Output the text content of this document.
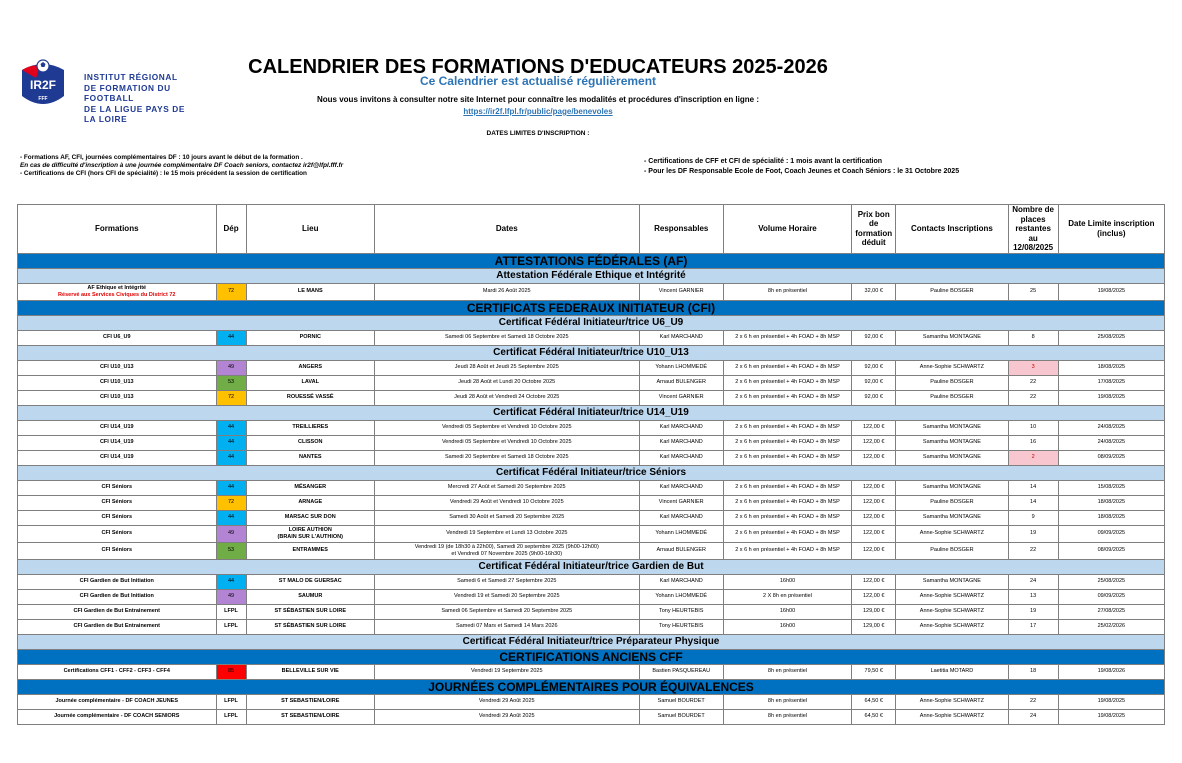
IR2F
FFF
INSTITUT RÉGIONAL
DE FORMATION DU FOOTBALL
DE LA LIGUE PAYS DE LA LOIRE
CALENDRIER DES FORMATIONS D'EDUCATEURS 2025-2026
Ce Calendrier est actualisé régulièrement
Nous vous invitons à consulter notre site Internet pour connaître les modalités et procédures d'inscription en ligne :
https://ir2f.lfpl.fr/public/page/benevoles
DATES LIMITES D'INSCRIPTION :
- Formations AF, CFI, journées complémentaires DF : 10 jours avant le début de la formation .
En cas de difficulté d'inscription à une journée complémentaire DF Coach seniors, contactez ir2f@lfpl.fff.fr
- Certifications de CFI (hors CFI de spécialité) : le 15 mois précédent la session de certification
- Certifications de CFF et CFI de spécialité : 1 mois avant la certification
- Pour les DF Responsable Ecole de Foot, Coach Jeunes et Coach Séniors : le 31 Octobre 2025
Formations	Dép	Lieu	Dates	Responsables	Volume Horaire	Prix bon de formation déduit	Contacts Inscriptions	Nombre de places restantes au 12/08/2025	Date Limite inscription (inclus)
ATTESTATIONS FÉDÉRALES (AF)									
Attestation Fédérale Ethique et Intégrité									

AF Ethique et Intégrité
Réservé aux Services Civiques du District 72	72	LE MANS	Mardi 26 Août 2025	Vincent GARNIER	8h en présentiel	32,00 €	Pauline BOSGER	25	19/08/2025

CERTIFICATS FEDERAUX INITIATEUR (CFI)									
Certificat Fédéral Initiateur/trice U6_U9									

CFI U6_U9	44	PORNIC	Samedi 06 Septembre et Samedi 18 Octobre 2025	Karl MARCHAND	2 x 6 h en présentiel + 4h FOAD + 8h MSP	92,00 €	Samantha MONTAGNE	8	25/08/2025

Certificat Fédéral Initiateur/trice U10_U13									

CFI U10_U13	49	ANGERS	Jeudi 28 Août et Jeudi 25 Septembre 2025	Yohann LHOMMEDÉ	2 x 6 h en présentiel + 4h FOAD + 8h MSP	92,00 €	Anne-Sophie SCHWARTZ	3	18/08/2025

CFI U10_U13	53	LAVAL	Jeudi 28 Août et Lundi 20 Octobre 2025	Arnaud BULENGER	2 x 6 h en présentiel + 4h FOAD + 8h MSP	92,00 €	Pauline BOSGER	22	17/08/2025

CFI U10_U13	72	ROUESSÉ VASSÉ	Jeudi 28 Août et Vendredi 24 Octobre 2025	Vincent GARNIER	2 x 6 h en présentiel + 4h FOAD + 8h MSP	92,00 €	Pauline BOSGER	22	19/08/2025

Certificat Fédéral Initiateur/trice U14_U19									

CFI U14_U19	44	TREILLIERES	Vendredi 05 Septembre et Vendredi 10 Octobre 2025	Karl MARCHAND	2 x 6 h en présentiel + 4h FOAD + 8h MSP	122,00 €	Samantha MONTAGNE	10	24/08/2025

CFI U14_U19	44	CLISSON	Vendredi 05 Septembre et Vendredi 10 Octobre 2025	Karl MARCHAND	2 x 6 h en présentiel + 4h FOAD + 8h MSP	122,00 €	Samantha MONTAGNE	16	24/08/2025

CFI U14_U19	44	NANTES	Samedi 20 Septembre et Samedi 18 Octobre 2025	Karl MARCHAND	2 x 6 h en présentiel + 4h FOAD + 8h MSP	122,00 €	Samantha MONTAGNE	2	08/09/2025

Certificat Fédéral Initiateur/trice Séniors									

CFI Séniors	44	MÉSANGER	Mercredi 27 Août et Samedi 20 Septembre 2025	Karl MARCHAND	2 x 6 h en présentiel + 4h FOAD + 8h MSP	122,00 €	Samantha MONTAGNE	14	15/08/2025

CFI Séniors	72	ARNAGE	Vendredi 29 Août et Vendredi 10 Octobre 2025	Vincent GARNIER	2 x 6 h en présentiel + 4h FOAD + 8h MSP	122,00 €	Pauline BOSGER	14	18/08/2025

CFI Séniors	44	MARSAC SUR DON	Samedi 30 Août et Samedi 20 Septembre 2025	Karl MARCHAND	2 x 6 h en présentiel + 4h FOAD + 8h MSP	122,00 €	Samantha MONTAGNE	9	18/08/2025

CFI Séniors	49	LOIRE AUTHION
(BRAIN SUR L'AUTHION)	Vendredi 19 Septembre et Lundi 13 Octobre 2025	Yohann LHOMMEDÉ	2 x 6 h en présentiel + 4h FOAD + 8h MSP	122,00 €	Anne-Sophie SCHWARTZ	19	09/09/2025

CFI Séniors	53	ENTRAMMES	Vendredi 19 (de 18h30 à 22h00), Samedi 20 septembre 2025 (9h00-12h00)
et Vendredi 07 Novembre 2025 (9h00-16h30)	Arnaud BULENGER	2 x 6 h en présentiel + 4h FOAD + 8h MSP	122,00 €	Pauline BOSGER	22	08/09/2025

Certificat Fédéral Initiateur/trice Gardien de But									

CFI Gardien de But Initiation	44	ST MALO DE GUERSAC	Samedi 6 et Samedi 27 Septembre 2025	Karl MARCHAND	16h00	122,00 €	Samantha MONTAGNE	24	25/08/2025

CFI Gardien de But Initiation	49	SAUMUR	Vendredi 19 et Samedi 20 Septembre 2025	Yohann LHOMMEDÉ	2 X 8h en présentiel	122,00 €	Anne-Sophie SCHWARTZ	13	09/09/2025

CFI Gardien de But Entrainement	LFPL	ST SÉBASTIEN SUR LOIRE	Samedi 06 Septembre et Samedi 20 Septembre 2025	Tony HEURTEBIS	16h00	129,00 €	Anne-Sophie SCHWARTZ	19	27/08/2025

CFI Gardien de But Entrainement	LFPL	ST SÉBASTIEN SUR LOIRE	Samedi 07 Mars et Samedi 14 Mars 2026	Tony HEURTEBIS	16h00	129,00 €	Anne-Sophie SCHWARTZ	17	25/02/2026

Certificat Fédéral Initiateur/trice Préparateur Physique									
CERTIFICATIONS ANCIENS CFF									

Certifications CFF1 - CFF2 - CFF3 - CFF4	85	BELLEVILLE SUR VIE	Vendredi 19 Septembre 2025	Bastien PASQUEREAU	8h en présentiel	79,50 €	Laetitia MOTARD	18	19/08/2026

JOURNÉES COMPLÉMENTAIRES POUR ÉQUIVALENCES									

Journée complémentaire - DF COACH JEUNES	LFPL	ST SEBASTIEN/LOIRE	Vendredi 29 Août 2025	Samuel BOURDET	8h en présentiel	64,50 €	Anne-Sophie SCHWARTZ	22	19/08/2025

Journée complémentaire - DF COACH SENIORS	LFPL	ST SEBASTIEN/LOIRE	Vendredi 29 Août 2025	Samuel BOURDET	8h en présentiel	64,50 €	Anne-Sophie SCHWARTZ	24	19/08/2025
